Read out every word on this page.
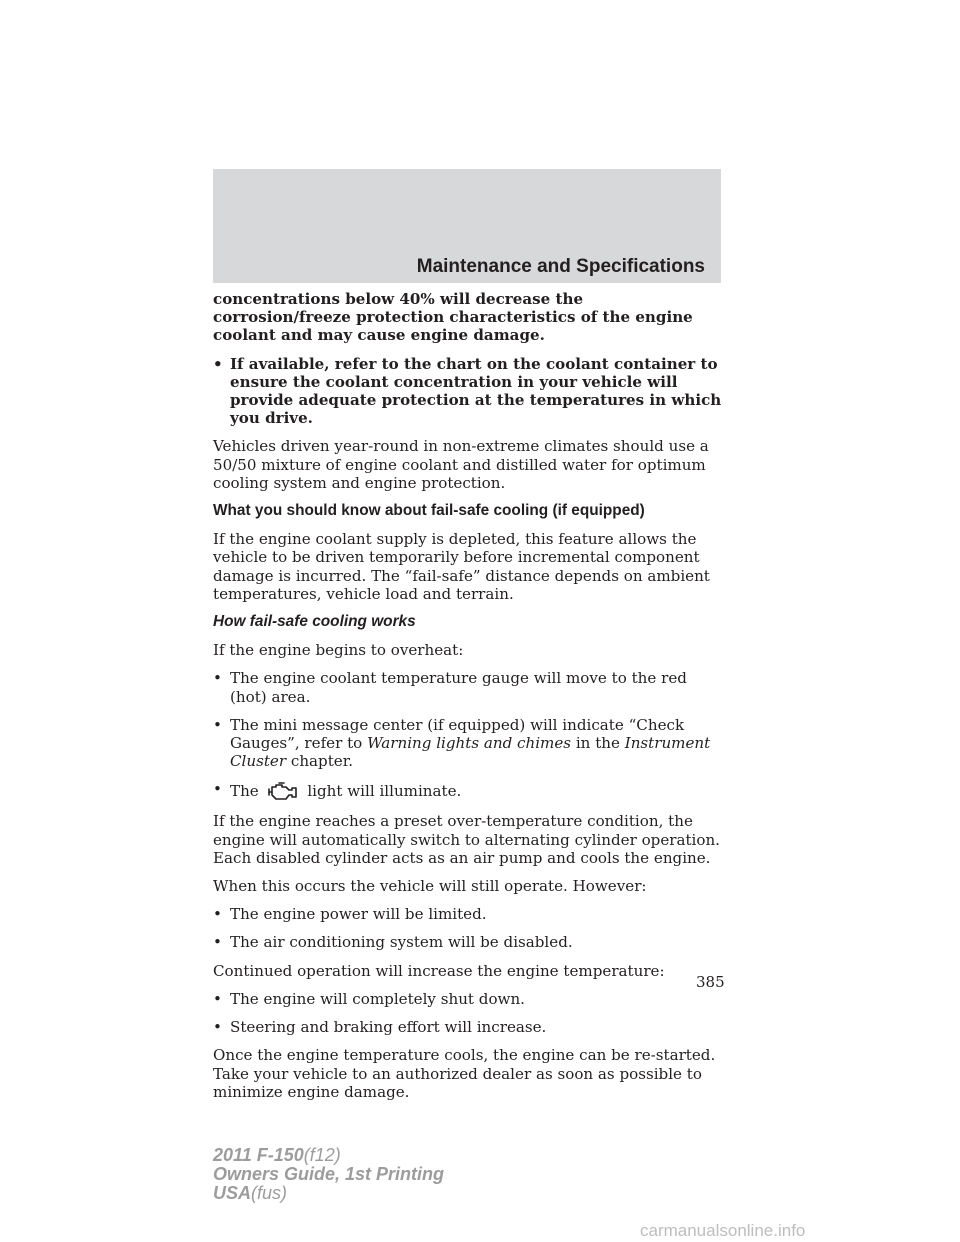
Maintenance and Specifications

concentrations below 40% will decrease the corrosion/freeze protection characteristics of the engine coolant and may cause engine damage.

• If available, refer to the chart on the coolant container to ensure the coolant concentration in your vehicle will provide adequate protection at the temperatures in which you drive.

Vehicles driven year-round in non-extreme climates should use a 50/50 mixture of engine coolant and distilled water for optimum cooling system and engine protection.

What you should know about fail-safe cooling (if equipped)

If the engine coolant supply is depleted, this feature allows the vehicle to be driven temporarily before incremental component damage is incurred. The “fail-safe” distance depends on ambient temperatures, vehicle load and terrain.

How fail-safe cooling works

If the engine begins to overheat:

• The engine coolant temperature gauge will move to the red (hot) area.
• The mini message center (if equipped) will indicate “Check Gauges”, refer to Warning lights and chimes in the Instrument Cluster chapter.
• The	light will illuminate.

If the engine reaches a preset over-temperature condition, the engine will automatically switch to alternating cylinder operation. Each disabled cylinder acts as an air pump and cools the engine.

When this occurs the vehicle will still operate. However:

• The engine power will be limited.
• The air conditioning system will be disabled.

Continued operation will increase the engine temperature:

• The engine will completely shut down.
• Steering and braking effort will increase.

Once the engine temperature cools, the engine can be re-started. Take your vehicle to an authorized dealer as soon as possible to minimize engine damage.

385
2011 F-150(f12)
Owners Guide, 1st Printing
USA(fus)
carmanualsonline.info
